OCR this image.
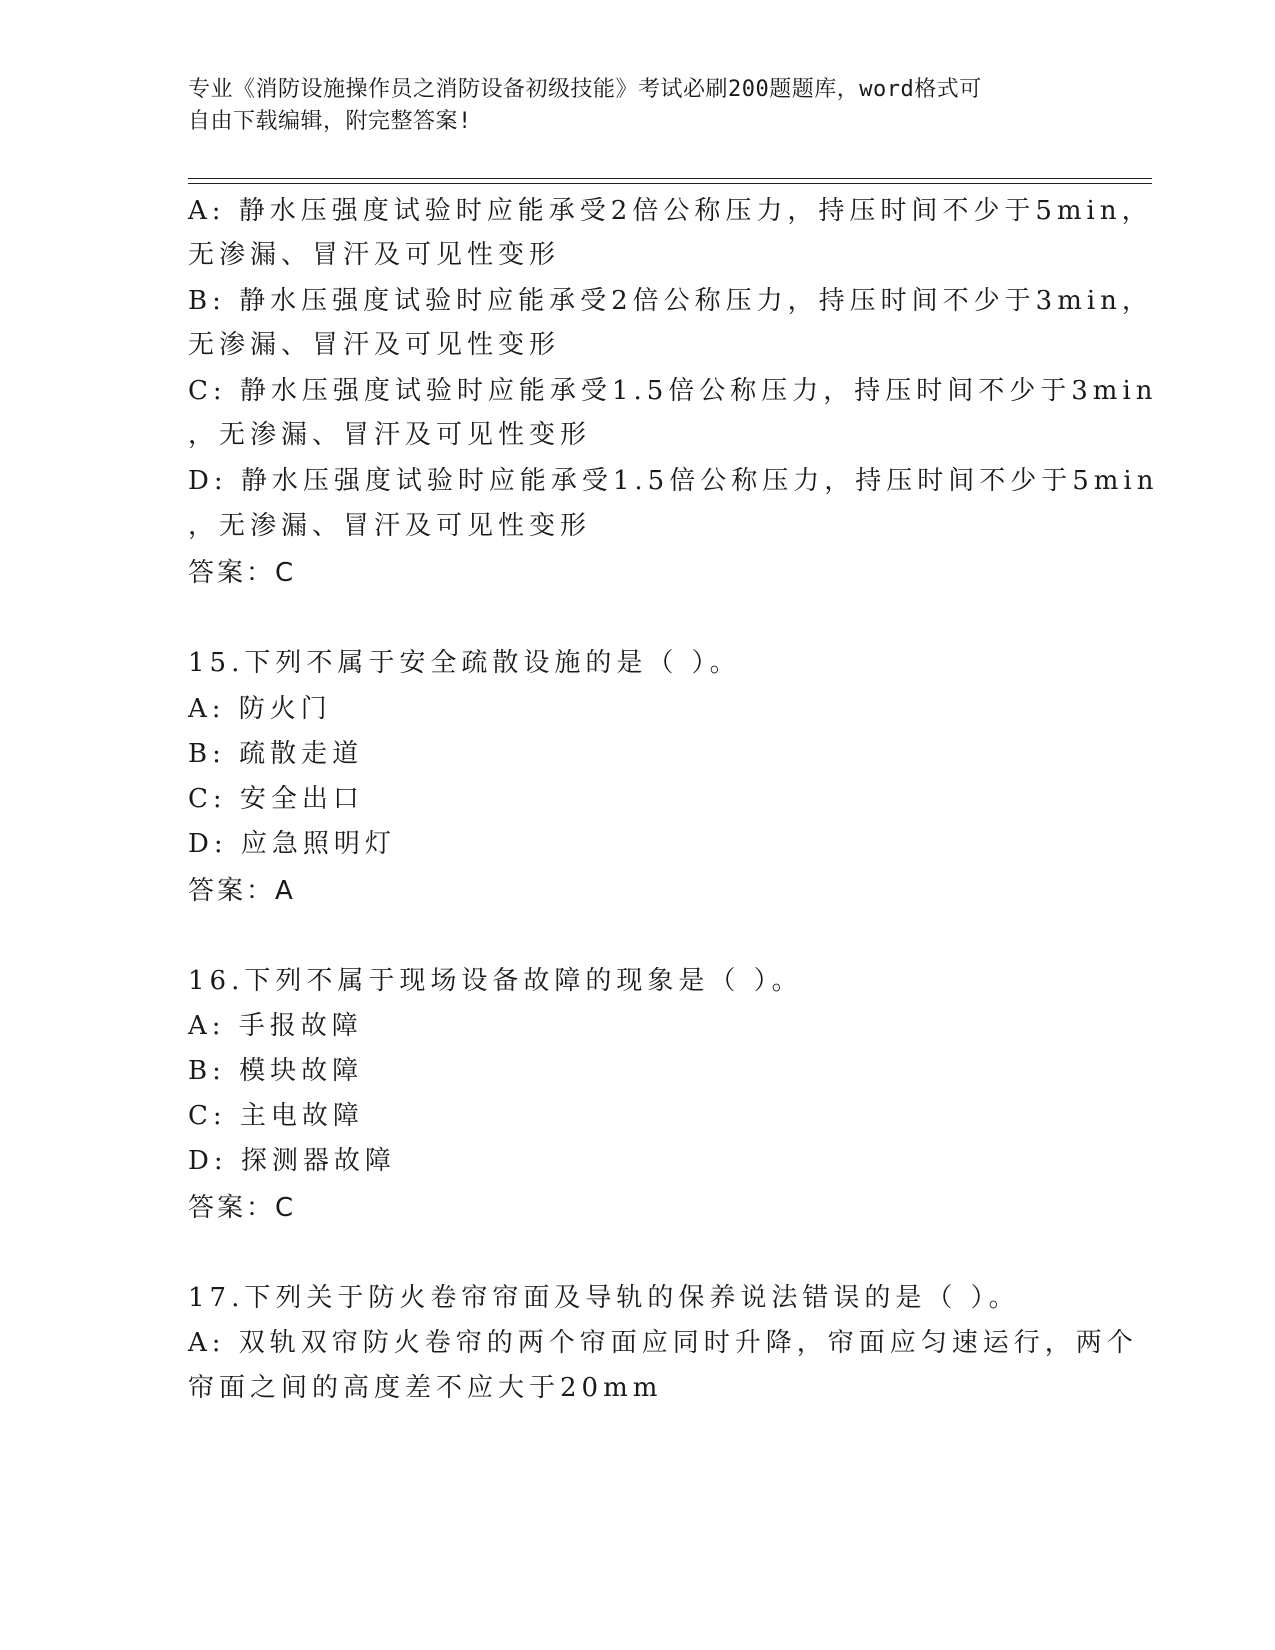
专业《消防设施操作员之消防设备初级技能》考试必刷200题题库，word格式可
自由下载编辑，附完整答案!
A: 静水压强度试验时应能承受2倍公称压力，持压时间不少于5min，
无渗漏、冒汗及可见性变形
B: 静水压强度试验时应能承受2倍公称压力，持压时间不少于3min，
无渗漏、冒汗及可见性变形
C: 静水压强度试验时应能承受1.5倍公称压力，持压时间不少于3min
，无渗漏、冒汗及可见性变形
D: 静水压强度试验时应能承受1.5倍公称压力，持压时间不少于5min
，无渗漏、冒汗及可见性变形
答案：C
15.下列不属于安全疏散设施的是（ ）。
A: 防火门
B: 疏散走道
C: 安全出口
D: 应急照明灯
答案：A
16.下列不属于现场设备故障的现象是（ ）。
A: 手报故障
B: 模块故障
C: 主电故障
D: 探测器故障
答案：C
17.下列关于防火卷帘帘面及导轨的保养说法错误的是（ ）。
A: 双轨双帘防火卷帘的两个帘面应同时升降，帘面应匀速运行，两个
帘面之间的高度差不应大于20mm
